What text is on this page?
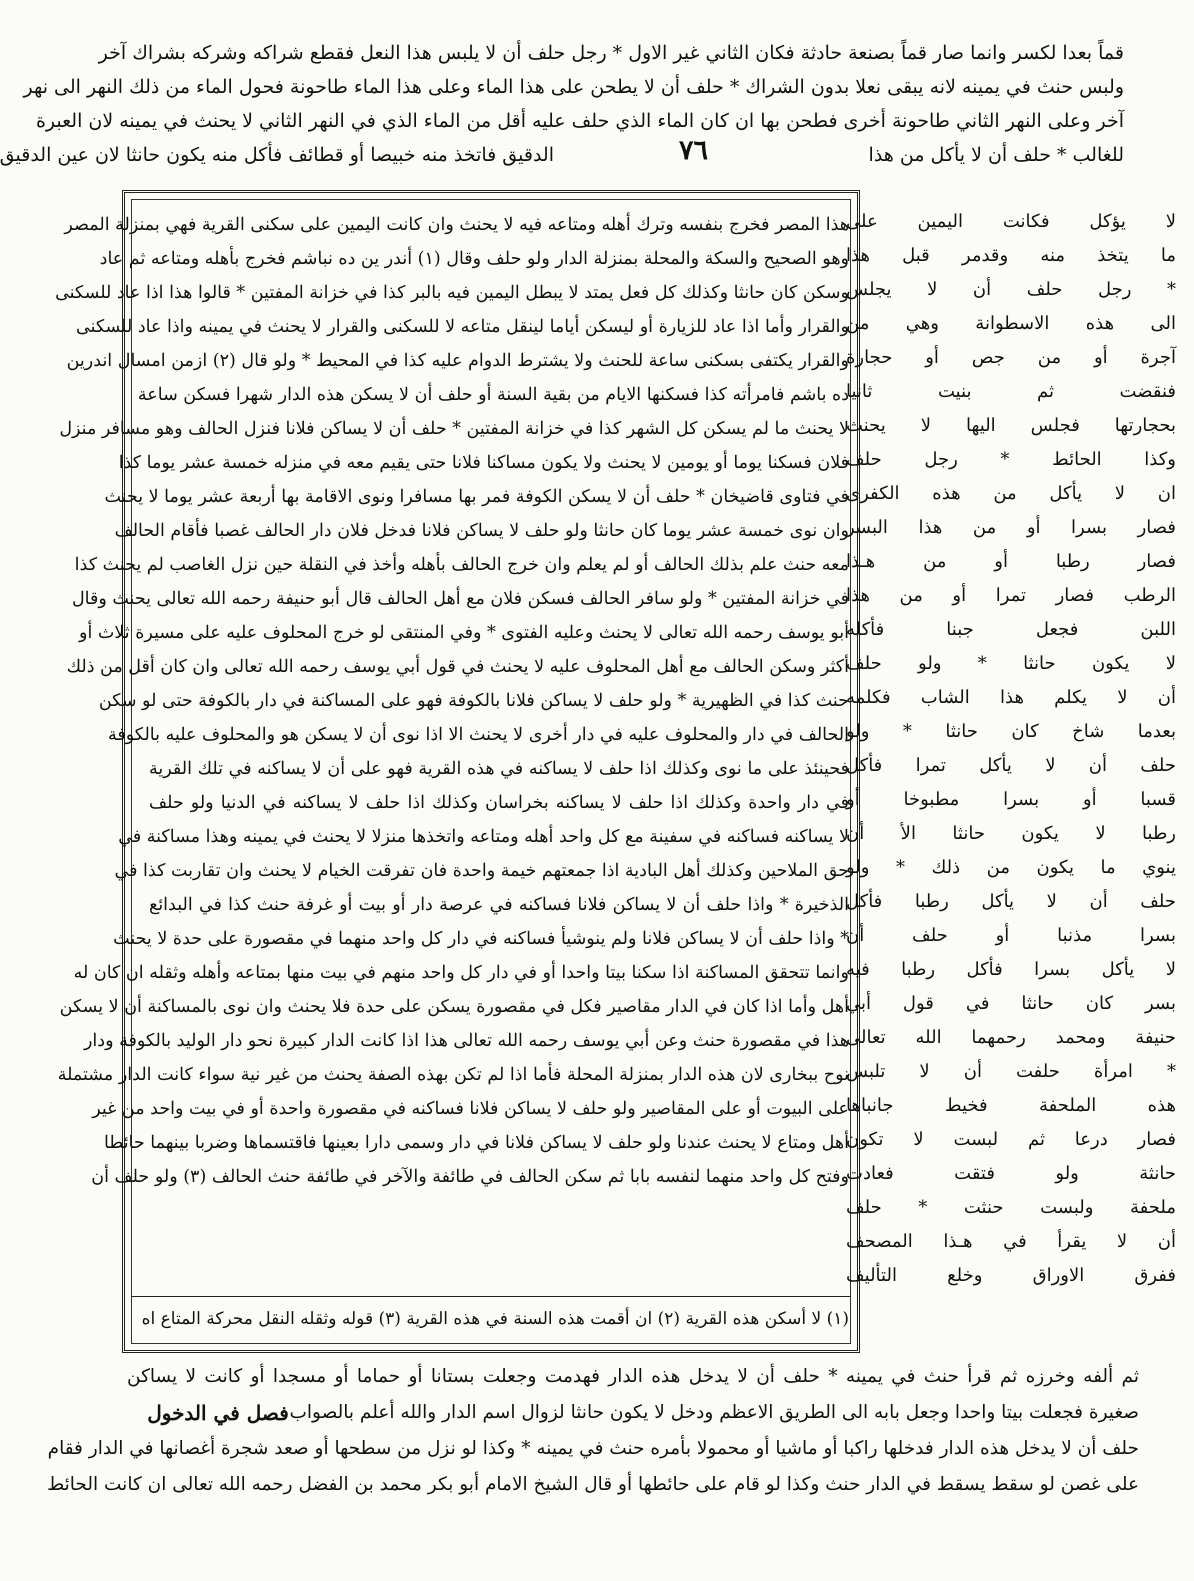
قماً بعدا لكسر وانما صار قماً بصنعة حادثة فكان الثاني غير الاول * رجل حلف أن لا يلبس هذا النعل فقطع شراكه وشركه بشراك آخر
ولبس حنث في يمينه لانه يبقى نعلا بدون الشراك * حلف أن لا يطحن على هذا الماء وعلى هذا الماء طاحونة فحول الماء من ذلك النهر الى نهر
آخر وعلى النهر الثاني طاحونة أخرى فطحن بها ان كان الماء الذي حلف عليه أقل من الماء الذي في النهر الثاني لا يحنث في يمينه لان العبرة
للغالب * حلف أن لا يأكل من هذا
الدقيق فاتخذ منه خبيصا أو قطائف فأكل منه يكون حانثا لان عين الدقيق	٧٦
لا يؤكل فكانت اليمين على
ما يتخذ منه وقدمر قبل هذا
* رجل حلف أن لا يجلس
الى هذه الاسطوانة وهي من
آجرة أو من جص أو حجارة
فنقضت ثم بنيت ثانيا
بحجارتها فجلس اليها لا يحنث
وكذا الحائط * رجل حلف
ان لا يأكل من هذه الكفرى
فصار بسرا أو من هذا البسر
فصار رطبا أو من هـذا
الرطب فصار تمرا أو من هذا
اللبن فجعل جبنا فأكله
لا يكون حانثا * ولو حلف
أن لا يكلم هذا الشاب فكلمه
بعدما شاخ كان حانثا * ولو
حلف أن لا يأكل تمرا فأكل
قسبا أو بسرا مطبوخا أو
رطبا لا يكون حانثا الأ أن
ينوي ما يكون من ذلك * ولو
حلف أن لا يأكل رطبا فأكل
بسرا مذنبا أو حلف أن
لا يأكل بسرا فأكل رطبا فيه
بسر كان حانثا في قول أبي
حنيفة ومحمد رحمهما الله تعالى
* امرأة حلفت أن لا تلبس
هذه الملحفة فخيط جانباها
فصار درعا ثم لبست لا تكون
حانثة ولو فتقت فعادت
ملحفة ولبست حنثت * حلف
أن لا يقرأ في هـذا المصحف
ففرق الاوراق وخلع التأليف
هذا المصر فخرج بنفسه وترك أهله ومتاعه فيه لا يحنث وان كانت اليمين على سكنى القرية فهي بمنزلة المصر
وهو الصحيح والسكة والمحلة بمنزلة الدار ولو حلف وقال (١) أندر ين ده نباشم فخرج بأهله ومتاعه ثم عاد
وسكن كان حانثا وكذلك كل فعل يمتد لا يبطل اليمين فيه بالبر كذا في خزانة المفتين * قالوا هذا اذا عاد للسكنى
والقرار وأما اذا عاد للزيارة أو ليسكن أياما لينقل متاعه لا للسكنى والقرار لا يحنث في يمينه واذا عاد للسكنى
والقرار يكتفى بسكنى ساعة للحنث ولا يشترط الدوام عليه كذا في المحيط * ولو قال (٢) ازمن امسال اندرين
ده باشم فامرأته كذا فسكنها الايام من بقية السنة أو حلف أن لا يسكن هذه الدار شهرا فسكن ساعة
لا يحنث ما لم يسكن كل الشهر كذا في خزانة المفتين * حلف أن لا يساكن فلانا فنزل الحالف وهو مسافر منزل
فلان فسكنا يوما أو يومين لا يحنث ولا يكون مساكنا فلانا حتى يقيم معه في منزله خمسة عشر يوما كذا
في فتاوى قاضيخان * حلف أن لا يسكن الكوفة فمر بها مسافرا ونوى الاقامة بها أربعة عشر يوما لا يحنث
وان نوى خمسة عشر يوما كان حانثا ولو حلف لا يساكن فلانا فدخل فلان دار الحالف غصبا فأقام الحالف
معه حنث علم بذلك الحالف أو لم يعلم وان خرج الحالف بأهله وأخذ في النقلة حين نزل الغاصب لم يحنث كذا
في خزانة المفتين * ولو سافر الحالف فسكن فلان مع أهل الحالف قال أبو حنيفة رحمه الله تعالى يحنث وقال
أبو يوسف رحمه الله تعالى لا يحنث وعليه الفتوى * وفي المنتقى لو خرج المحلوف عليه على مسيرة ثلاث أو
أكثر وسكن الحالف مع أهل المحلوف عليه لا يحنث في قول أبي يوسف رحمه الله تعالى وان كان أقل من ذلك
حنث كذا في الظهيرية * ولو حلف لا يساكن فلانا بالكوفة فهو على المساكنة في دار بالكوفة حتى لو سكن
الحالف في دار والمحلوف عليه في دار أخرى لا يحنث الا اذا نوى أن لا يسكن هو والمحلوف عليه بالكوفة
فحينئذ على ما نوى وكذلك اذا حلف لا يساكنه في هذه القرية فهو على أن لا يساكنه في تلك القرية
في دار واحدة وكذلك اذا حلف لا يساكنه بخراسان وكذلك اذا حلف لا يساكنه في الدنيا ولو حلف
لا يساكنه فساكنه في سفينة مع كل واحد أهله ومتاعه واتخذها منزلا لا يحنث في يمينه وهذا مساكنة في
حق الملاحين وكذلك أهل البادية اذا جمعتهم خيمة واحدة فان تفرقت الخيام لا يحنث وان تقاربت كذا في
الذخيرة * واذا حلف أن لا يساكن فلانا فساكنه في عرصة دار أو بيت أو غرفة حنث كذا في البدائع
* واذا حلف أن لا يساكن فلانا ولم ينوشيأ فساكنه في دار كل واحد منهما في مقصورة على حدة لا يحنث
وانما تتحقق المساكنة اذا سكنا بيتا واحدا أو في دار كل واحد منهم في بيت منها بمتاعه وأهله وثقله ان كان له
أهل وأما اذا كان في الدار مقاصير فكل في مقصورة يسكن على حدة فلا يحنث وان نوى بالمساكنة أن لا يسكن
هذا في مقصورة حنث وعن أبي يوسف رحمه الله تعالى هذا اذا كانت الدار كبيرة نحو دار الوليد بالكوفة ودار
نوح ببخارى لان هذه الدار بمنزلة المحلة فأما اذا لم تكن بهذه الصفة يحنث من غير نية سواء كانت الدار مشتملة
على البيوت أو على المقاصير ولو حلف لا يساكن فلانا فساكنه في مقصورة واحدة أو في بيت واحد من غير
أهل ومتاع لا يحنث عندنا ولو حلف لا يساكن فلانا في دار وسمى دارا بعينها فاقتسماها وضربا بينهما حائطا
وفتح كل واحد منهما لنفسه بابا ثم سكن الحالف في طائفة والآخر في طائفة حنث الحالف (٣) ولو حلف أن
(١) لا أسكن هذه القرية (٢) ان أقمت هذه السنة في هذه القرية (٣) قوله وثقله النقل محركة المتاع اه
ثم ألفه وخرزه ثم قرأ حنث في يمينه * حلف أن لا يدخل هذه الدار فهدمت وجعلت بستانا أو حماما أو مسجدا أو كانت لا يساكن
صغيرة فجعلت بيتا واحدا وجعل بابه الى الطريق الاعظم ودخل لا يكون حانثا لزوال اسم الدار والله أعلم بالصواب
فصل في الدخول
حلف أن لا يدخل هذه الدار فدخلها راكبا أو ماشيا أو محمولا بأمره حنث في يمينه * وكذا لو نزل من سطحها أو صعد شجرة أغصانها في الدار فقام
على غصن لو سقط يسقط في الدار حنث وكذا لو قام على حائطها أو قال الشيخ الامام أبو بكر محمد بن الفضل رحمه الله تعالى ان كانت الحائط
